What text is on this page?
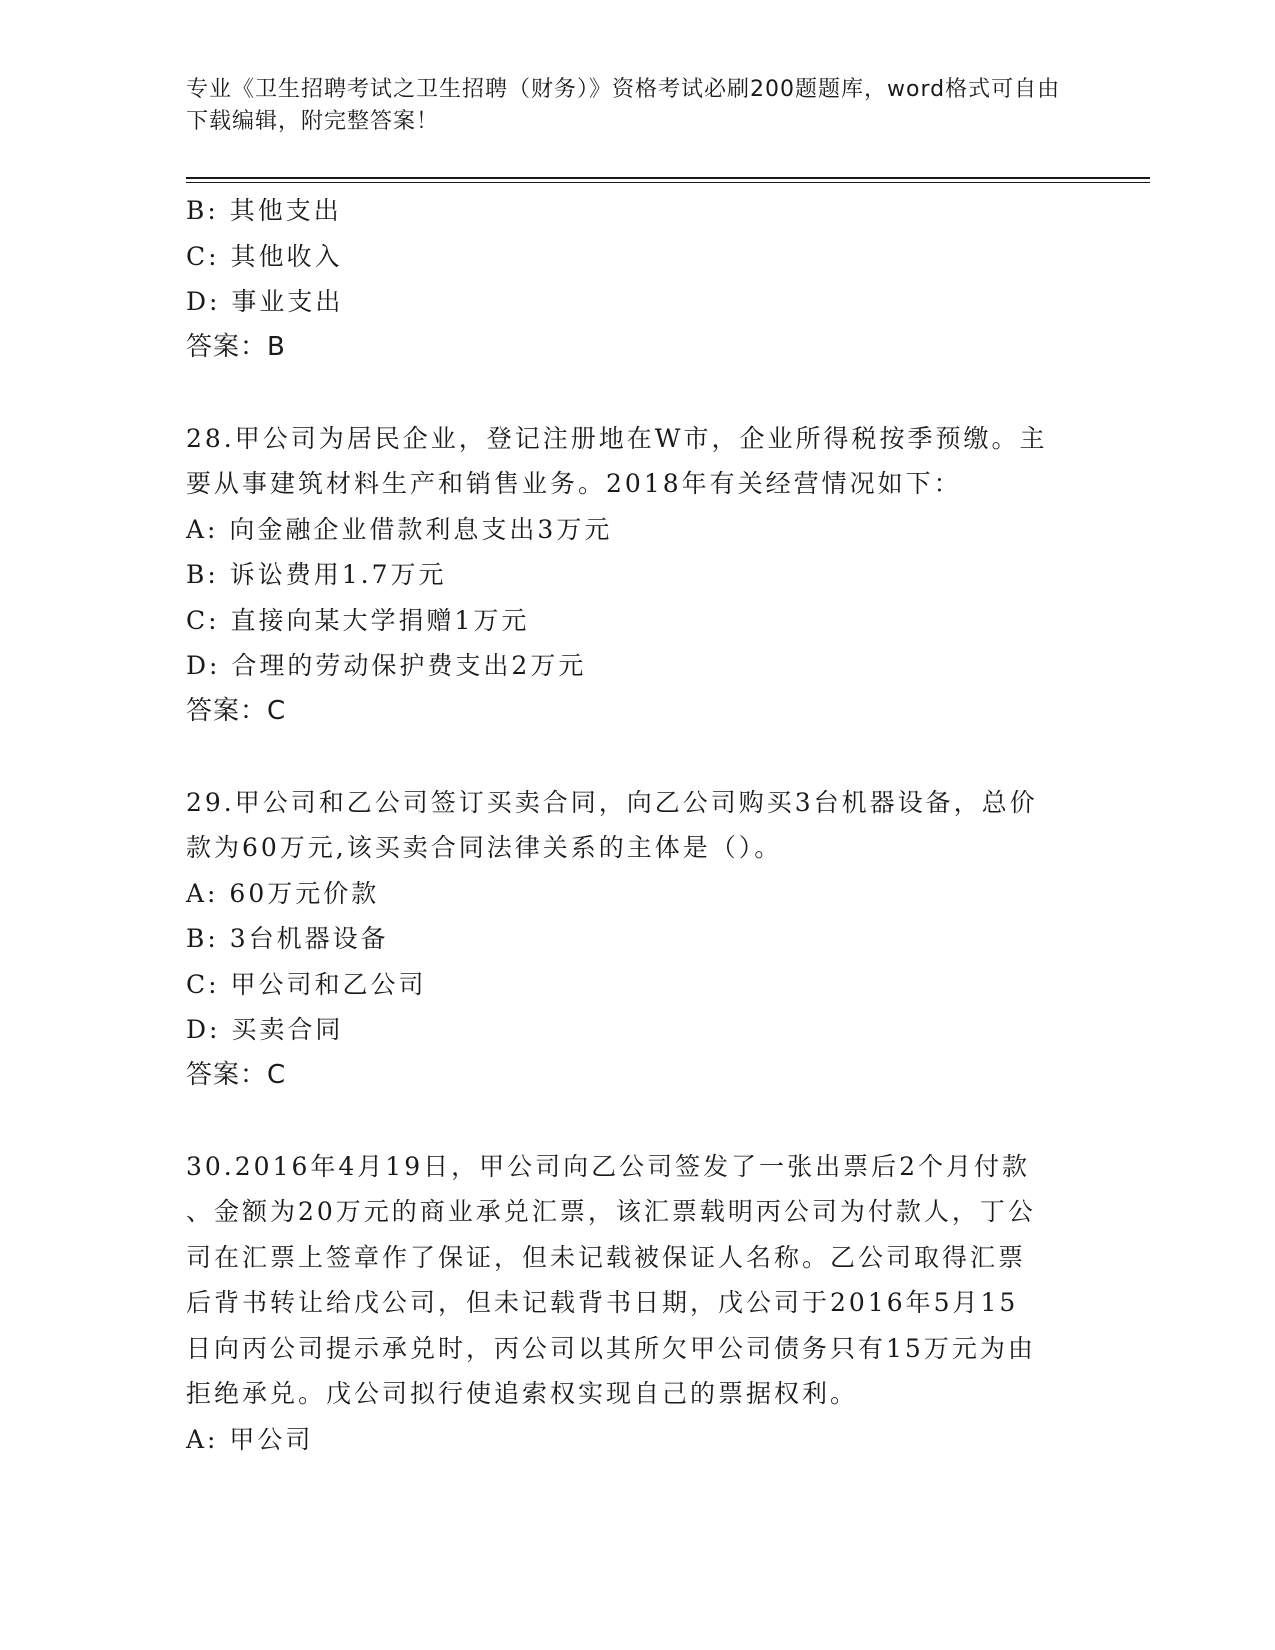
专业《卫生招聘考试之卫生招聘（财务）》资格考试必刷200题题库，word格式可自由下载编辑，附完整答案！
B: 其他支出
C: 其他收入
D: 事业支出
答案：B
28.甲公司为居民企业，登记注册地在W市，企业所得税按季预缴。主
要从事建筑材料生产和销售业务。2018年有关经营情况如下：
A: 向金融企业借款利息支出3万元
B: 诉讼费用1.7万元
C: 直接向某大学捐赠1万元
D: 合理的劳动保护费支出2万元
答案：C
29.甲公司和乙公司签订买卖合同，向乙公司购买3台机器设备，总价
款为60万元,该买卖合同法律关系的主体是（）。
A: 60万元价款
B: 3台机器设备
C: 甲公司和乙公司
D: 买卖合同
答案：C
30.2016年4月19日，甲公司向乙公司签发了一张出票后2个月付款
、金额为20万元的商业承兑汇票，该汇票载明丙公司为付款人，丁公
司在汇票上签章作了保证，但未记载被保证人名称。乙公司取得汇票
后背书转让给戊公司，但未记载背书日期，戊公司于2016年5月15
日向丙公司提示承兑时，丙公司以其所欠甲公司债务只有15万元为由
拒绝承兑。戊公司拟行使追索权实现自己的票据权利。
A: 甲公司
